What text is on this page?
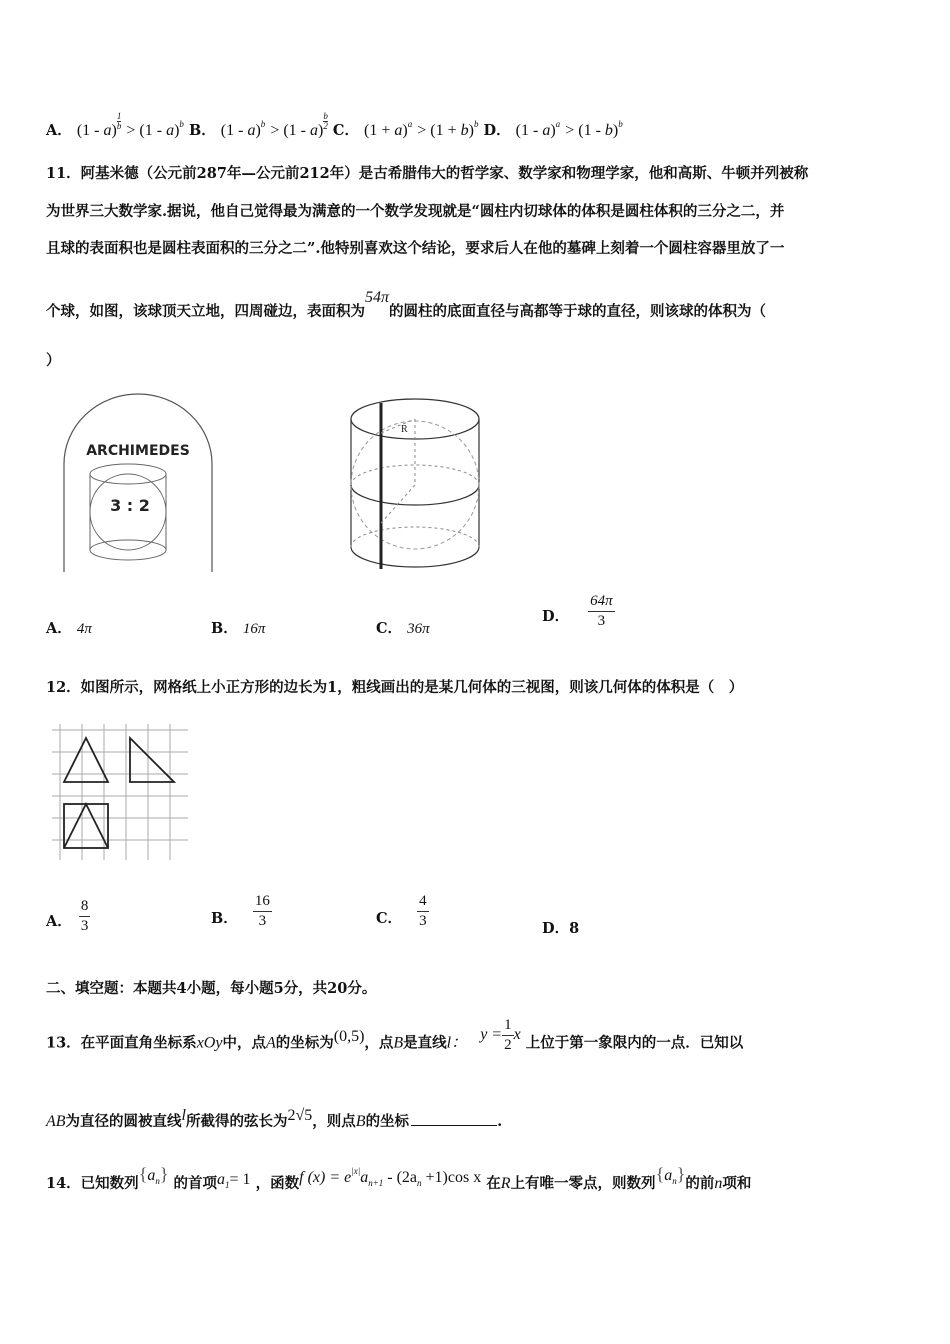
A． $(1 - a) \frac{1}{b} > (1 - a)^b$ B． $(1 - a)^b > (1 - a) \frac{b}{2}$ C． $(1 + a)^a > (1 + b)^b$ D． (1 - a)$^a$ > (1 - b)$^b$
11．阿基米德（公元前287年—公元前212年）是古希腊伟大的哲学家、数学家和物理学家，他和高斯、牛顿并列被称
为世界三大数学家.据说，他自己觉得最为满意的一个数学发现就是“圆柱内切球体的体积是圆柱体积的三分之二，并
且球的表面积也是圆柱表面积的三分之二”.他特别喜欢这个结论，要求后人在他的墓碑上刻着一个圆柱容器里放了一
个球，如图，该球顶天立地，四周碰边，表面积为54π的圆柱的底面直径与高都等于球的直径，则该球的体积为（
）
ARCHIMEDES
3 : 2
R
A． 4π	B． 16π	C． 36π
D． $\frac{64\pi}{3}$
12．如图所示，网格纸上小正方形的边长为1，粗线画出的是某几何体的三视图，则该几何体的体积是（　）
A． $\frac{8}{3}$	B． $\frac{16}{3}$	C． $\frac{4}{3}$	D．8
二、填空题：本题共4小题，每小题5分，共20分。
13．在平面直角坐标系xOy中，点A的坐标为(0,5)，点B是直线l： $y = \frac{1}{2}$ x 上位于第一象限内的一点．已知以
AB为直径的圆被直线l所截得的弦长为2√5，则点B的坐标	.
14．已知数列$\{a^n\}$ 的首项$a_1= 1$ ，函数f $(x) = e^{|x|}a_{n+1} - (2a_n +1)\cos$ x 在R上有唯一零点，则数列$\{a^n\}$的前n项和
